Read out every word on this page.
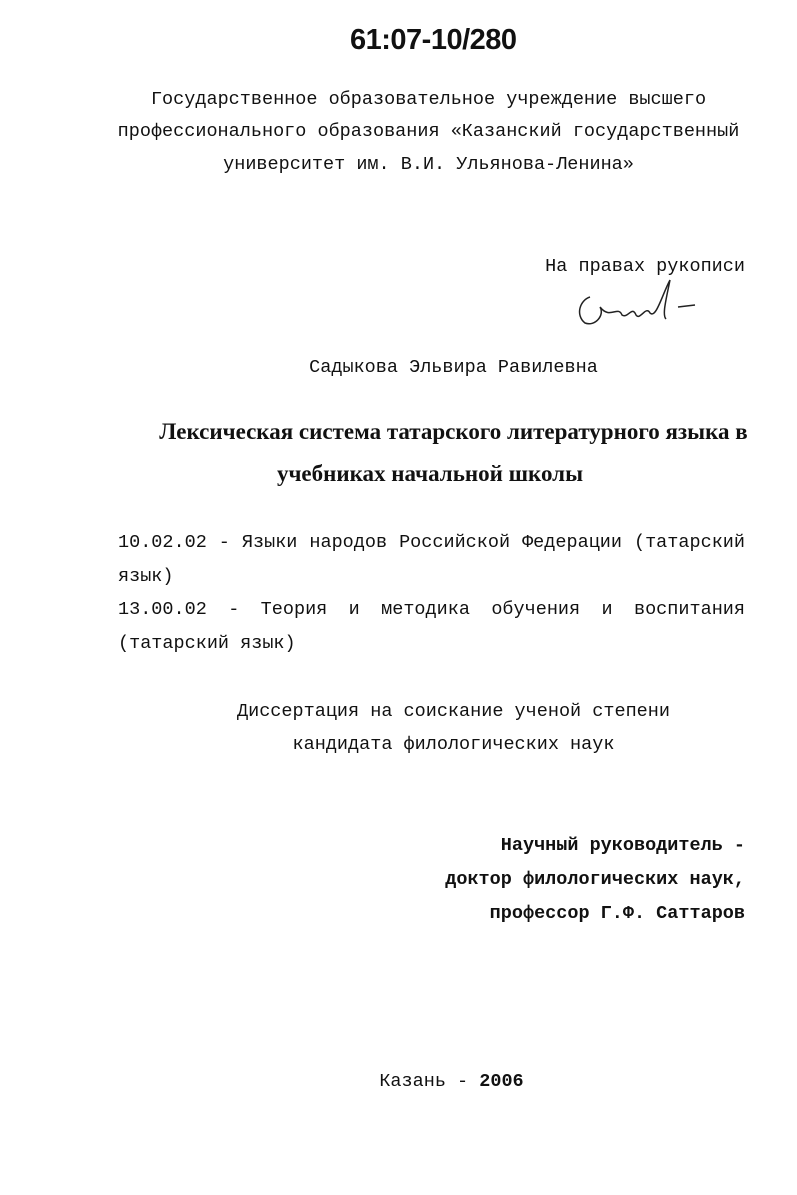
61:07-10/280
Государственное образовательное учреждение высшего
профессионального образования «Казанский государственный
университет им. В.И. Ульянова-Ленина»
На правах рукописи
Садыкова Эльвира Равилевна
Лексическая система татарского литературного языка в
учебниках начальной школы
10.02.02 - Языки народов Российской Федерации (татарский
язык)
13.00.02 - Теория и методика обучения и воспитания
(татарский язык)
Диссертация на соискание ученой степени
кандидата филологических наук
Научный руководитель -
доктор филологических наук,
профессор Г.Ф. Саттаров
Казань - 2006
